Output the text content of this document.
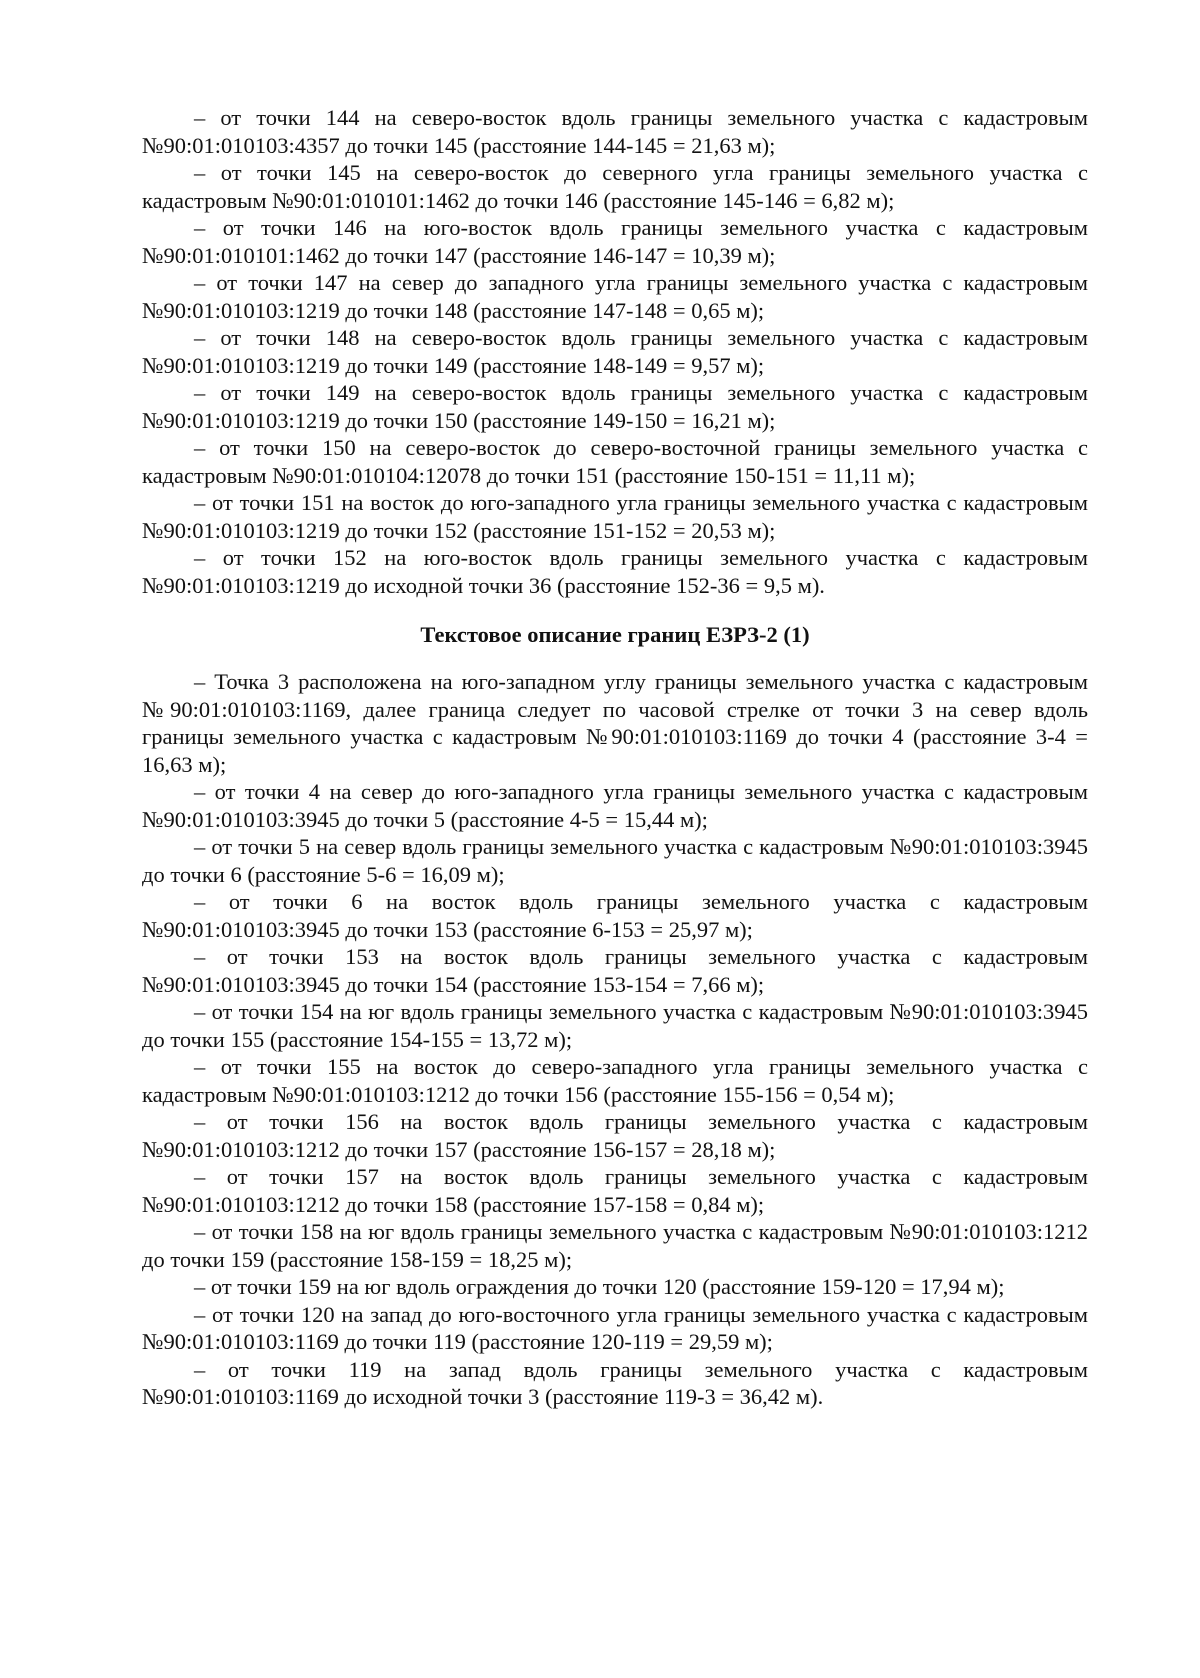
– от точки 144 на северо-восток вдоль границы земельного участка с кадастровым №90:01:010103:4357 до точки 145 (расстояние 144-145 = 21,63 м);

– от точки 145 на северо-восток до северного угла границы земельного участка с кадастровым №90:01:010101:1462 до точки 146 (расстояние 145-146 = 6,82 м);

– от точки 146 на юго-восток вдоль границы земельного участка с кадастровым №90:01:010101:1462 до точки 147 (расстояние 146-147 = 10,39 м);

– от точки 147 на север до западного угла границы земельного участка с кадастровым №90:01:010103:1219 до точки 148 (расстояние 147-148 = 0,65 м);

– от точки 148 на северо-восток вдоль границы земельного участка с кадастровым №90:01:010103:1219 до точки 149 (расстояние 148-149 = 9,57 м);

– от точки 149 на северо-восток вдоль границы земельного участка с кадастровым №90:01:010103:1219 до точки 150 (расстояние 149-150 = 16,21 м);

– от точки 150 на северо-восток до северо-восточной границы земельного участка с кадастровым №90:01:010104:12078 до точки 151 (расстояние 150-151 = 11,11 м);

– от точки 151 на восток до юго-западного угла границы земельного участка с кадастровым №90:01:010103:1219 до точки 152 (расстояние 151-152 = 20,53 м);

– от точки 152 на юго-восток вдоль границы земельного участка с кадастровым №90:01:010103:1219 до исходной точки 36 (расстояние 152-36 = 9,5 м).

Текстовое описание границ ЕЗРЗ-2 (1)

– Точка 3 расположена на юго-западном углу границы земельного участка с кадастровым №90:01:010103:1169, далее граница следует по часовой стрелке от точки 3 на север вдоль границы земельного участка с кадастровым №90:01:010103:1169 до точки 4 (расстояние 3-4 = 16,63 м);

– от точки 4 на север до юго-западного угла границы земельного участка с кадастровым №90:01:010103:3945 до точки 5 (расстояние 4-5 = 15,44 м);

– от точки 5 на север вдоль границы земельного участка с кадастровым №90:01:010103:3945 до точки 6 (расстояние 5-6 = 16,09 м);

– от точки 6 на восток вдоль границы земельного участка с кадастровым №90:01:010103:3945 до точки 153 (расстояние 6-153 = 25,97 м);

– от точки 153 на восток вдоль границы земельного участка с кадастровым №90:01:010103:3945 до точки 154 (расстояние 153-154 = 7,66 м);

– от точки 154 на юг вдоль границы земельного участка с кадастровым №90:01:010103:3945 до точки 155 (расстояние 154-155 = 13,72 м);

– от точки 155 на восток до северо-западного угла границы земельного участка с кадастровым №90:01:010103:1212 до точки 156 (расстояние 155-156 = 0,54 м);

– от точки 156 на восток вдоль границы земельного участка с кадастровым №90:01:010103:1212 до точки 157 (расстояние 156-157 = 28,18 м);

– от точки 157 на восток вдоль границы земельного участка с кадастровым №90:01:010103:1212 до точки 158 (расстояние 157-158 = 0,84 м);

– от точки 158 на юг вдоль границы земельного участка с кадастровым №90:01:010103:1212 до точки 159 (расстояние 158-159 = 18,25 м);

– от точки 159 на юг вдоль ограждения до точки 120 (расстояние 159-120 = 17,94 м);

– от точки 120 на запад до юго-восточного угла границы земельного участка с кадастровым №90:01:010103:1169 до точки 119 (расстояние 120-119 = 29,59 м);

– от точки 119 на запад вдоль границы земельного участка с кадастровым №90:01:010103:1169 до исходной точки 3 (расстояние 119-3 = 36,42 м).
